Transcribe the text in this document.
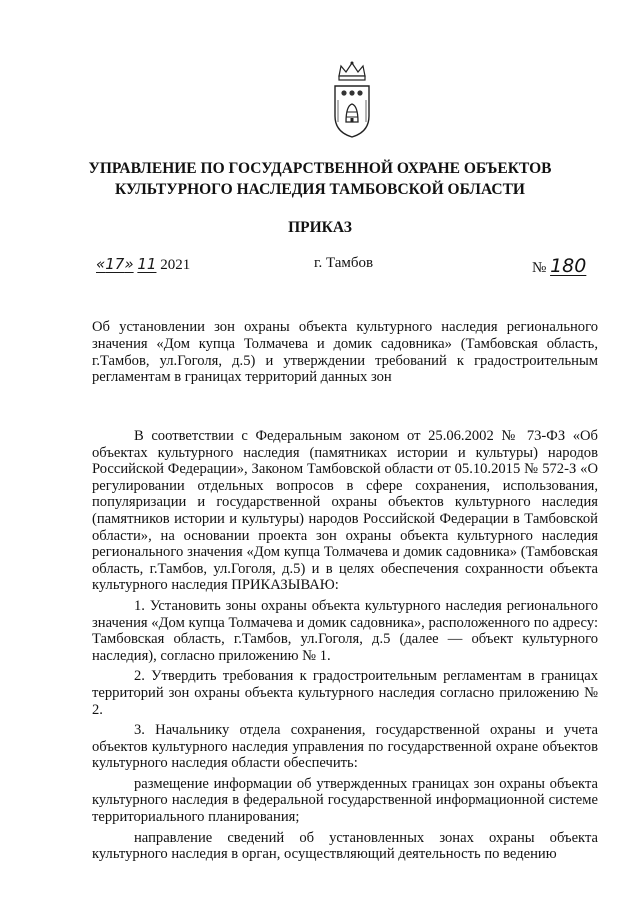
УПРАВЛЕНИЕ ПО ГОСУДАРСТВЕННОЙ ОХРАНЕ ОБЪЕКТОВ
КУЛЬТУРНОГО НАСЛЕДИЯ ТАМБОВСКОЙ ОБЛАСТИ
ПРИКАЗ
«17» 11 2021	г. Тамбов	№ 180
Об установлении зон охраны объекта культурного наследия регионального значения «Дом купца Толмачева и домик садовника» (Тамбовская область, г.Тамбов, ул.Гоголя, д.5) и утверждении требований к градостроительным регламентам в границах территорий данных зон

В соответствии с Федеральным законом от 25.06.2002 № 73-ФЗ «Об объектах культурного наследия (памятниках истории и культуры) народов Российской Федерации», Законом Тамбовской области от 05.10.2015 № 572-З «О регулировании отдельных вопросов в сфере сохранения, использования, популяризации и государственной охраны объектов культурного наследия (памятников истории и культуры) народов Российской Федерации в Тамбовской области», на основании проекта зон охраны объекта культурного наследия регионального значения «Дом купца Толмачева и домик садовника» (Тамбовская область, г.Тамбов, ул.Гоголя, д.5) и в целях обеспечения сохранности объекта культурного наследия ПРИКАЗЫВАЮ:

1. Установить зоны охраны объекта культурного наследия регионального значения «Дом купца Толмачева и домик садовника», расположенного по адресу: Тамбовская область, г.Тамбов, ул.Гоголя, д.5 (далее — объект культурного наследия), согласно приложению № 1.

2. Утвердить требования к градостроительным регламентам в границах территорий зон охраны объекта культурного наследия согласно приложению № 2.

3. Начальнику отдела сохранения, государственной охраны и учета объектов культурного наследия управления по государственной охране объектов культурного наследия области обеспечить:

размещение информации об утвержденных границах зон охраны объекта культурного наследия в федеральной государственной информационной системе территориального планирования;

направление сведений об установленных зонах охраны объекта культурного наследия в орган, осуществляющий деятельность по ведению
